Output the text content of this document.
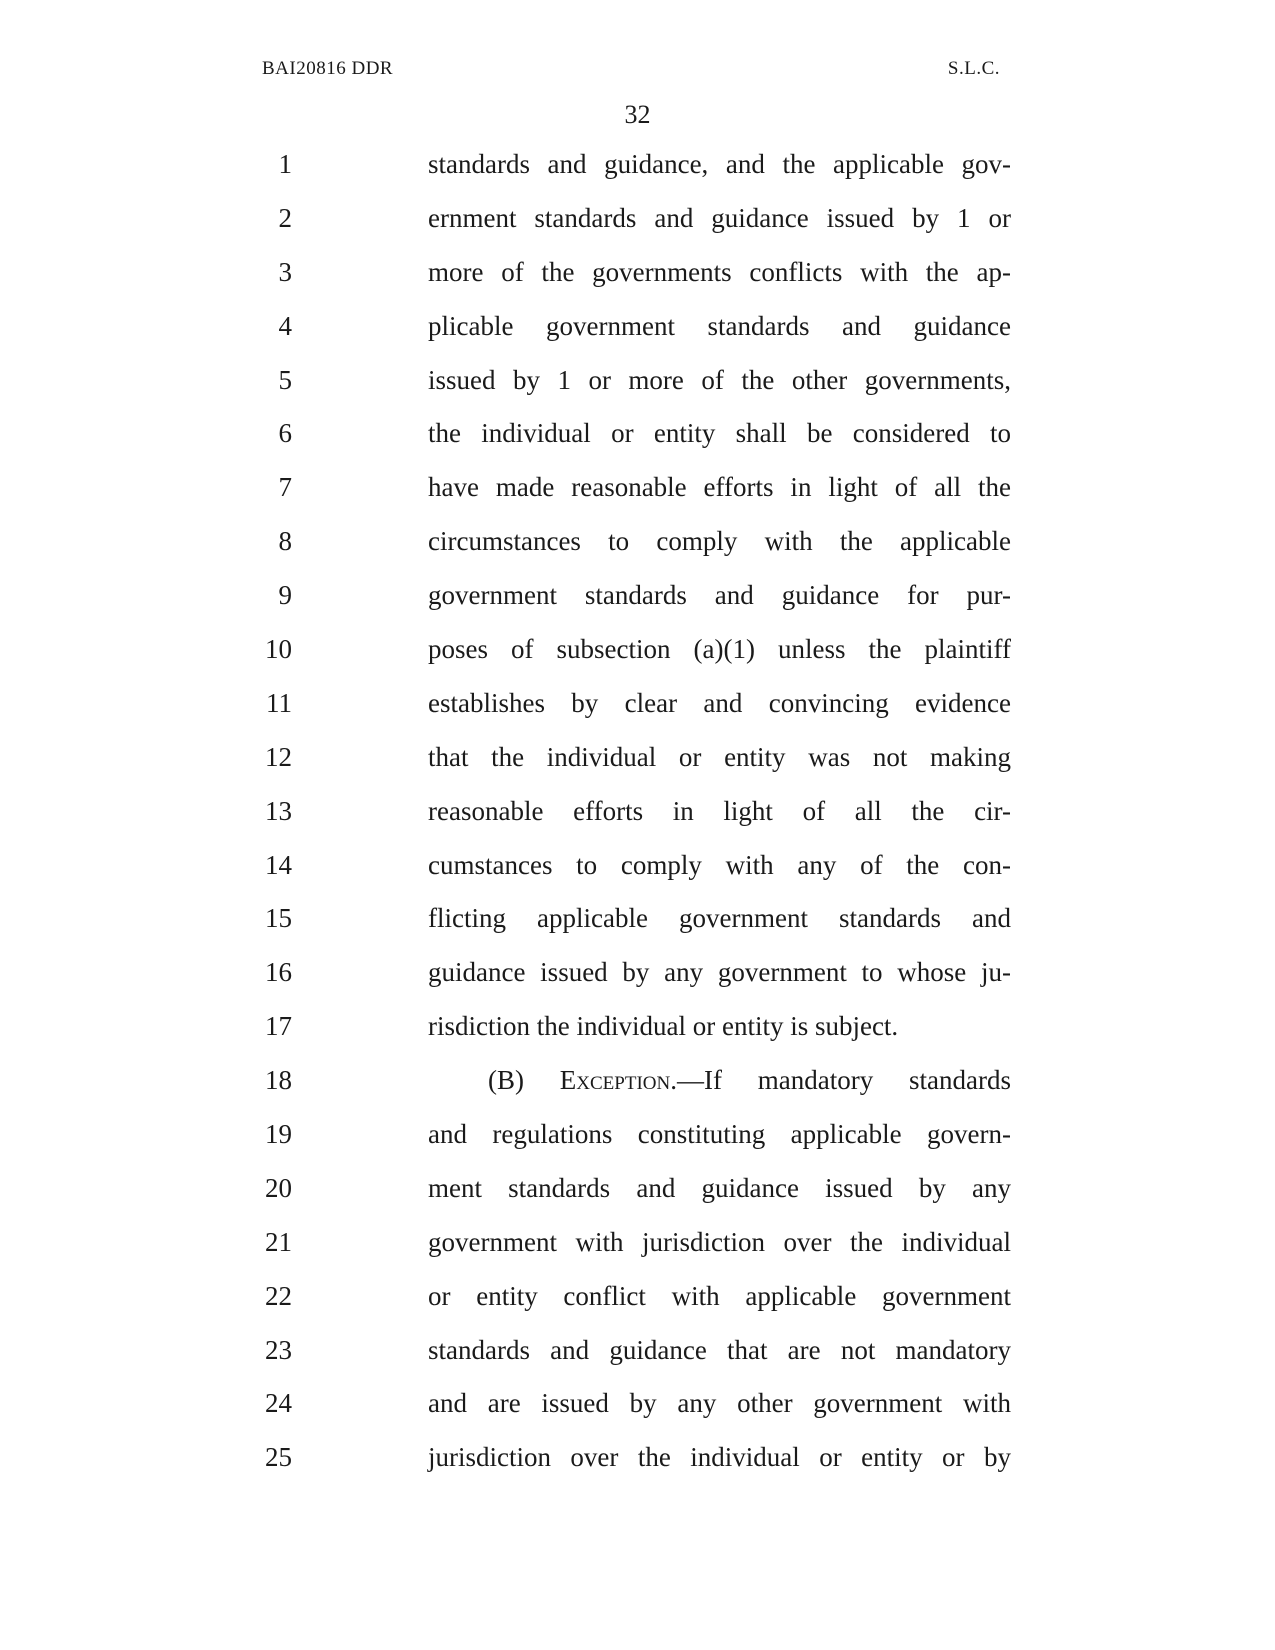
BAI20816 DDR	S.L.C.
32
1	standards and guidance, and the applicable gov-
2	ernment standards and guidance issued by 1 or
3	more of the governments conflicts with the ap-
4	plicable government standards and guidance
5	issued by 1 or more of the other governments,
6	the individual or entity shall be considered to
7	have made reasonable efforts in light of all the
8	circumstances to comply with the applicable
9	government standards and guidance for pur-
10	poses of subsection (a)(1) unless the plaintiff
11	establishes by clear and convincing evidence
12	that the individual or entity was not making
13	reasonable efforts in light of all the cir-
14	cumstances to comply with any of the con-
15	flicting applicable government standards and
16	guidance issued by any government to whose ju-
17	risdiction the individual or entity is subject.
18	(B) Exception.—If mandatory standards
19	and regulations constituting applicable govern-
20	ment standards and guidance issued by any
21	government with jurisdiction over the individual
22	or entity conflict with applicable government
23	standards and guidance that are not mandatory
24	and are issued by any other government with
25	jurisdiction over the individual or entity or by
